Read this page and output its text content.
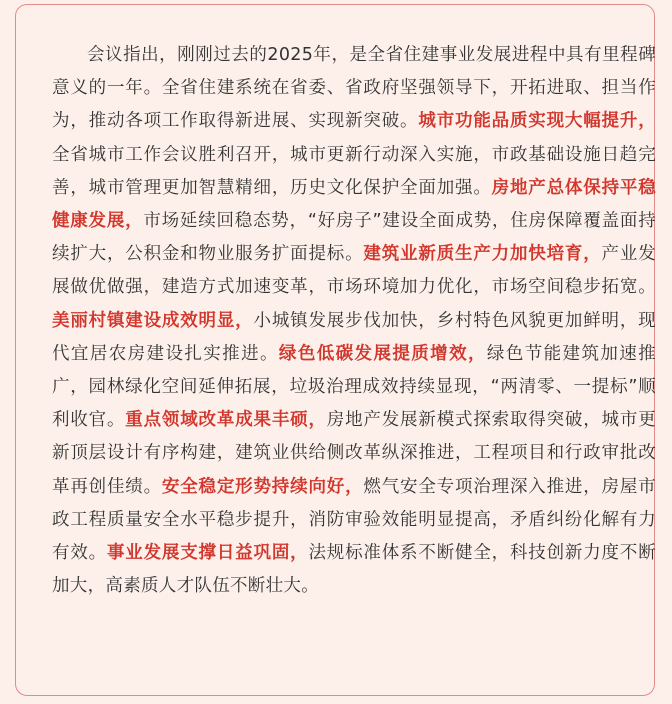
会议指出，刚刚过去的2025年，是全省住建事业发展进程中具有里程碑意义的一年。全省住建系统在省委、省政府坚强领导下，开拓进取、担当作为，推动各项工作取得新进展、实现新突破。城市功能品质实现大幅提升，全省城市工作会议胜利召开，城市更新行动深入实施，市政基础设施日趋完善，城市管理更加智慧精细，历史文化保护全面加强。房地产总体保持平稳健康发展，市场延续回稳态势，“好房子”建设全面成势，住房保障覆盖面持续扩大，公积金和物业服务扩面提标。建筑业新质生产力加快培育，产业发展做优做强，建造方式加速变革，市场环境加力优化，市场空间稳步拓宽。美丽村镇建设成效明显，小城镇发展步伐加快，乡村特色风貌更加鲜明，现代宜居农房建设扎实推进。绿色低碳发展提质增效，绿色节能建筑加速推广，园林绿化空间延伸拓展，垃圾治理成效持续显现，“两清零、一提标”顺利收官。重点领域改革成果丰硕，房地产发展新模式探索取得突破，城市更新顶层设计有序构建，建筑业供给侧改革纵深推进，工程项目和行政审批改革再创佳绩。安全稳定形势持续向好，燃气安全专项治理深入推进，房屋市政工程质量安全水平稳步提升，消防审验效能明显提高，矛盾纠纷化解有力有效。事业发展支撑日益巩固，法规标准体系不断健全，科技创新力度不断加大，高素质人才队伍不断壮大。
